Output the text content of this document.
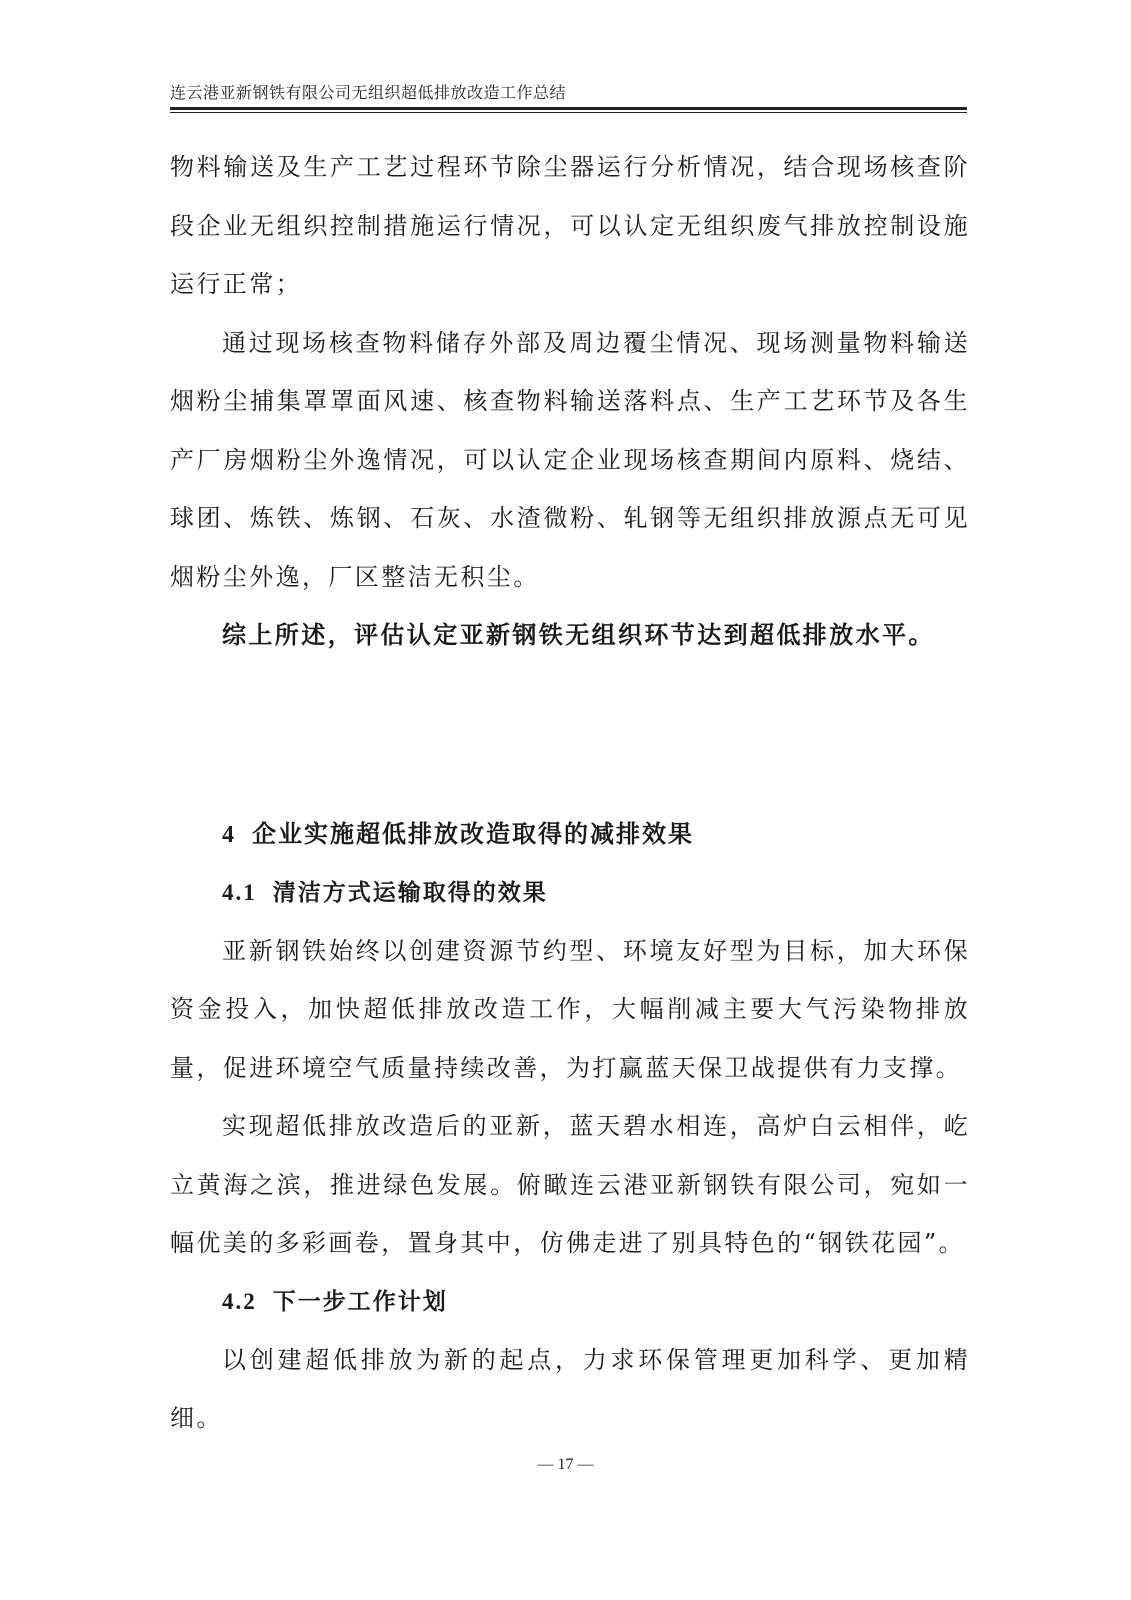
连云港亚新钢铁有限公司无组织超低排放改造工作总结

物料输送及生产工艺过程环节除尘器运行分析情况，结合现场核查阶段企业无组织控制措施运行情况，可以认定无组织废气排放控制设施运行正常；

通过现场核查物料储存外部及周边覆尘情况、现场测量物料输送烟粉尘捕集罩罩面风速、核查物料输送落料点、生产工艺环节及各生产厂房烟粉尘外逸情况，可以认定企业现场核查期间内原料、烧结、球团、炼铁、炼钢、石灰、水渣微粉、轧钢等无组织排放源点无可见烟粉尘外逸，厂区整洁无积尘。

综上所述，评估认定亚新钢铁无组织环节达到超低排放水平。

4 企业实施超低排放改造取得的减排效果
4.1 清洁方式运输取得的效果

亚新钢铁始终以创建资源节约型、环境友好型为目标，加大环保资金投入，加快超低排放改造工作，大幅削减主要大气污染物排放量，促进环境空气质量持续改善，为打赢蓝天保卫战提供有力支撑。

实现超低排放改造后的亚新，蓝天碧水相连，高炉白云相伴，屹立黄海之滨，推进绿色发展。俯瞰连云港亚新钢铁有限公司，宛如一幅优美的多彩画卷，置身其中，仿佛走进了别具特色的“钢铁花园”。

4.2 下一步工作计划

以创建超低排放为新的起点，力求环保管理更加科学、更加精细。

— 17 —
